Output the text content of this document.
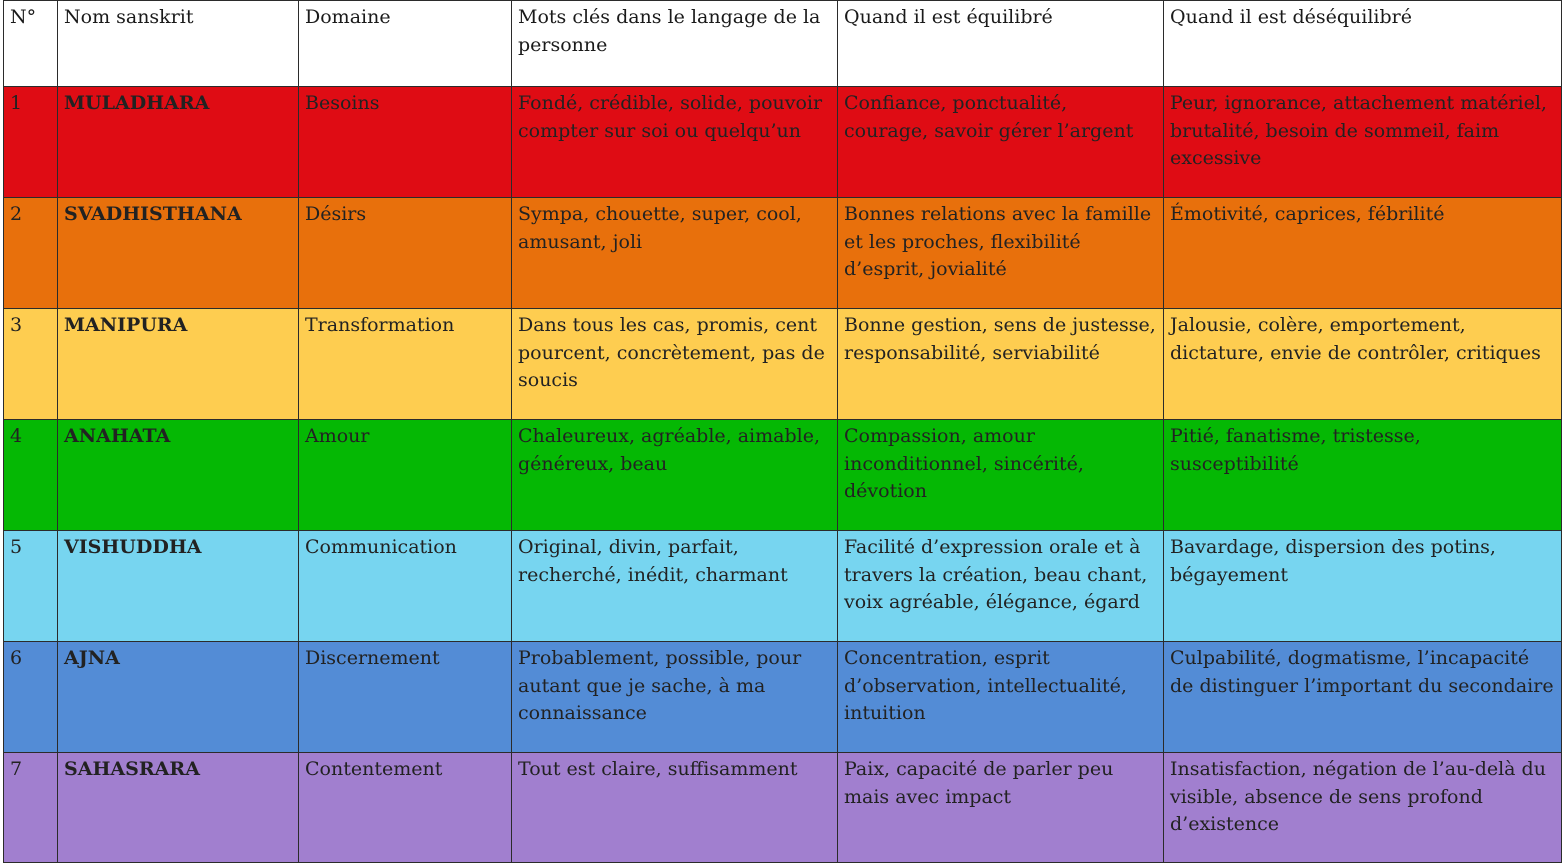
N°	Nom sanskrit	Domaine	Mots clés dans le langage de la personne	Quand il est équilibré	Quand il est déséquilibré
1	MULADHARA	Besoins	Fondé, crédible, solide, pouvoir compter sur soi ou quelqu’un	Confiance, ponctualité, courage, savoir gérer l’argent	Peur, ignorance, attachement matériel, brutalité, besoin de sommeil, faim excessive
2	SVADHISTHANA	Désirs	Sympa, chouette, super, cool, amusant, joli	Bonnes relations avec la famille et les proches, flexibilité d’esprit, jovialité	Émotivité, caprices, fébrilité
3	MANIPURA	Transformation	Dans tous les cas, promis, cent pourcent, concrètement, pas de soucis	Bonne gestion, sens de justesse, responsabilité, serviabilité	Jalousie, colère, emportement, dictature, envie de contrôler, critiques
4	ANAHATA	Amour	Chaleureux, agréable, aimable, généreux, beau	Compassion, amour inconditionnel, sincérité, dévotion	Pitié, fanatisme, tristesse, susceptibilité
5	VISHUDDHA	Communication	Original, divin, parfait, recherché, inédit, charmant	Facilité d’expression orale et à travers la création, beau chant, voix agréable, élégance, égard	Bavardage, dispersion des potins, bégayement
6	AJNA	Discernement	Probablement, possible, pour autant que je sache, à ma connaissance	Concentration, esprit d’observation, intellectualité, intuition	Culpabilité, dogmatisme, l’incapacité de distinguer l’important du secondaire
7	SAHASRARA	Contentement	Tout est claire, suffisamment	Paix, capacité de parler peu mais avec impact	Insatisfaction, négation de l’au-delà du visible, absence de sens profond d’existence
